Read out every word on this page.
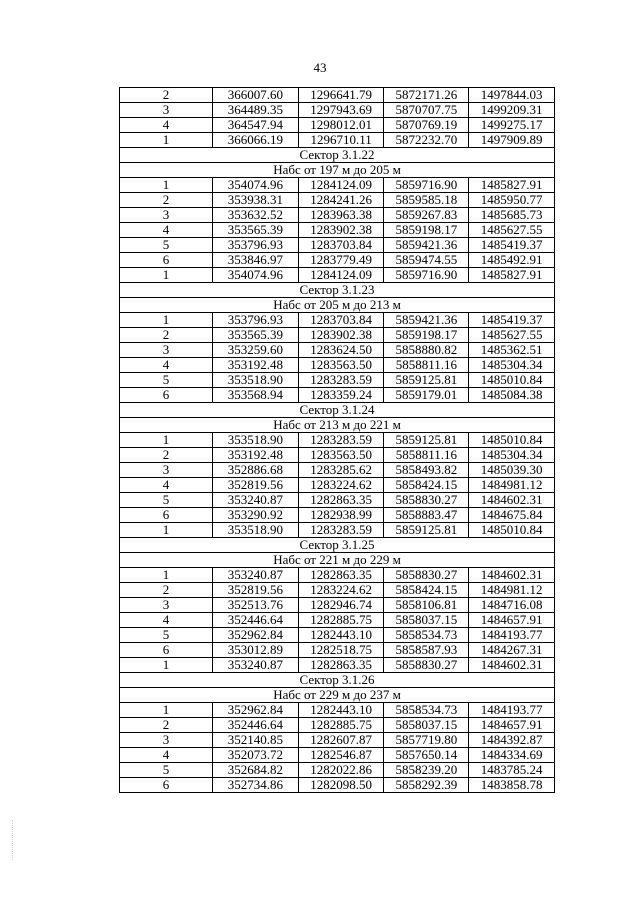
43
2	366007.60	1296641.79	5872171.26	1497844.03
3	364489.35	1297943.69	5870707.75	1499209.31
4	364547.94	1298012.01	5870769.19	1499275.17
1	366066.19	1296710.11	5872232.70	1497909.89
Сектор 3.1.22				
Набс от 197 м до 205 м				
1	354074.96	1284124.09	5859716.90	1485827.91
2	353938.31	1284241.26	5859585.18	1485950.77
3	353632.52	1283963.38	5859267.83	1485685.73
4	353565.39	1283902.38	5859198.17	1485627.55
5	353796.93	1283703.84	5859421.36	1485419.37
6	353846.97	1283779.49	5859474.55	1485492.91
1	354074.96	1284124.09	5859716.90	1485827.91
Сектор 3.1.23				
Набс от 205 м до 213 м				
1	353796.93	1283703.84	5859421.36	1485419.37
2	353565.39	1283902.38	5859198.17	1485627.55
3	353259.60	1283624.50	5858880.82	1485362.51
4	353192.48	1283563.50	5858811.16	1485304.34
5	353518.90	1283283.59	5859125.81	1485010.84
6	353568.94	1283359.24	5859179.01	1485084.38
Сектор 3.1.24				
Набс от 213 м до 221 м				
1	353518.90	1283283.59	5859125.81	1485010.84
2	353192.48	1283563.50	5858811.16	1485304.34
3	352886.68	1283285.62	5858493.82	1485039.30
4	352819.56	1283224.62	5858424.15	1484981.12
5	353240.87	1282863.35	5858830.27	1484602.31
6	353290.92	1282938.99	5858883.47	1484675.84
1	353518.90	1283283.59	5859125.81	1485010.84
Сектор 3.1.25				
Набс от 221 м до 229 м				
1	353240.87	1282863.35	5858830.27	1484602.31
2	352819.56	1283224.62	5858424.15	1484981.12
3	352513.76	1282946.74	5858106.81	1484716.08
4	352446.64	1282885.75	5858037.15	1484657.91
5	352962.84	1282443.10	5858534.73	1484193.77
6	353012.89	1282518.75	5858587.93	1484267.31
1	353240.87	1282863.35	5858830.27	1484602.31
Сектор 3.1.26				
Набс от 229 м до 237 м				
1	352962.84	1282443.10	5858534.73	1484193.77
2	352446.64	1282885.75	5858037.15	1484657.91
3	352140.85	1282607.87	5857719.80	1484392.87
4	352073.72	1282546.87	5857650.14	1484334.69
5	352684.82	1282022.86	5858239.20	1483785.24
6	352734.86	1282098.50	5858292.39	1483858.78
